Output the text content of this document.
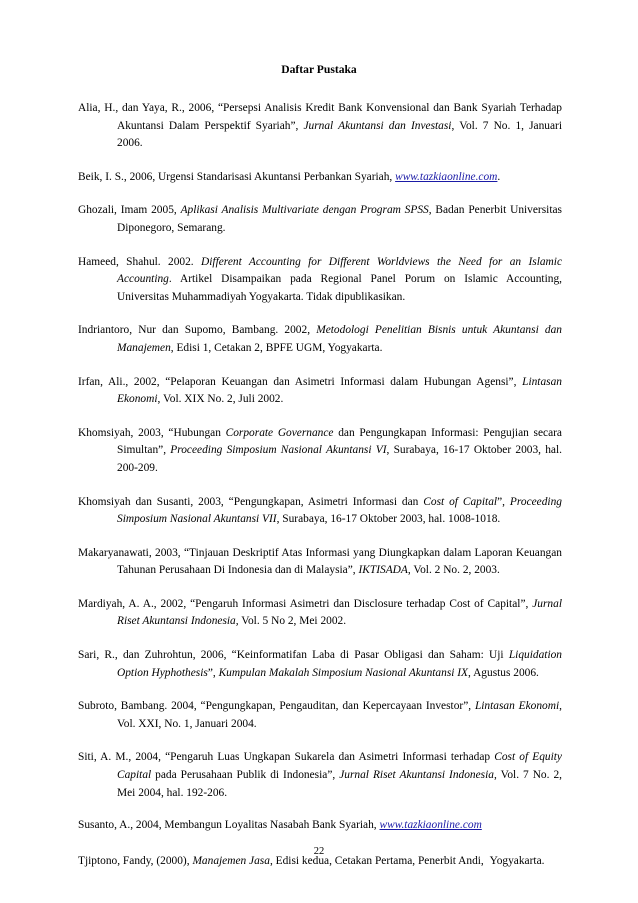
Daftar Pustaka
Alia, H., dan Yaya, R., 2006, “Persepsi Analisis Kredit Bank Konvensional dan Bank Syariah Terhadap Akuntansi Dalam Perspektif Syariah”, Jurnal Akuntansi dan Investasi, Vol. 7 No. 1, Januari 2006.
Beik, I. S., 2006, Urgensi Standarisasi Akuntansi Perbankan Syariah, www.tazkiaonline.com.
Ghozali, Imam 2005, Aplikasi Analisis Multivariate dengan Program SPSS, Badan Penerbit Universitas Diponegoro, Semarang.
Hameed, Shahul. 2002. Different Accounting for Different Worldviews the Need for an Islamic Accounting. Artikel Disampaikan pada Regional Panel Porum on Islamic Accounting, Universitas Muhammadiyah Yogyakarta. Tidak dipublikasikan.
Indriantoro, Nur dan Supomo, Bambang. 2002, Metodologi Penelitian Bisnis untuk Akuntansi dan Manajemen, Edisi 1, Cetakan 2, BPFE UGM, Yogyakarta.
Irfan, Ali., 2002, “Pelaporan Keuangan dan Asimetri Informasi dalam Hubungan Agensi”, Lintasan Ekonomi, Vol. XIX No. 2, Juli 2002.
Khomsiyah, 2003, “Hubungan Corporate Governance dan Pengungkapan Informasi: Pengujian secara Simultan”, Proceeding Simposium Nasional Akuntansi VI, Surabaya, 16-17 Oktober 2003, hal. 200-209.
Khomsiyah dan Susanti, 2003, “Pengungkapan, Asimetri Informasi dan Cost of Capital”, Proceeding Simposium Nasional Akuntansi VII, Surabaya, 16-17 Oktober 2003, hal. 1008-1018.
Makaryanawati, 2003, “Tinjauan Deskriptif Atas Informasi yang Diungkapkan dalam Laporan Keuangan Tahunan Perusahaan Di Indonesia dan di Malaysia”, IKTISADA, Vol. 2 No. 2, 2003.
Mardiyah, A. A., 2002, “Pengaruh Informasi Asimetri dan Disclosure terhadap Cost of Capital”, Jurnal Riset Akuntansi Indonesia, Vol. 5 No 2, Mei 2002.
Sari, R., dan Zuhrohtun, 2006, “Keinformatifan Laba di Pasar Obligasi dan Saham: Uji Liquidation Option Hyphothesis”, Kumpulan Makalah Simposium Nasional Akuntansi IX, Agustus 2006.
Subroto, Bambang. 2004, “Pengungkapan, Pengauditan, dan Kepercayaan Investor”, Lintasan Ekonomi, Vol. XXI, No. 1, Januari 2004.
Siti, A. M., 2004, “Pengaruh Luas Ungkapan Sukarela dan Asimetri Informasi terhadap Cost of Equity Capital pada Perusahaan Publik di Indonesia”, Jurnal Riset Akuntansi Indonesia, Vol. 7 No. 2, Mei 2004, hal. 192-206.
Susanto, A., 2004, Membangun Loyalitas Nasabah Bank Syariah, www.tazkiaonline.com
Tjiptono, Fandy, (2000), Manajemen Jasa, Edisi kedua, Cetakan Pertama, Penerbit Andi, Yogyakarta.
22
